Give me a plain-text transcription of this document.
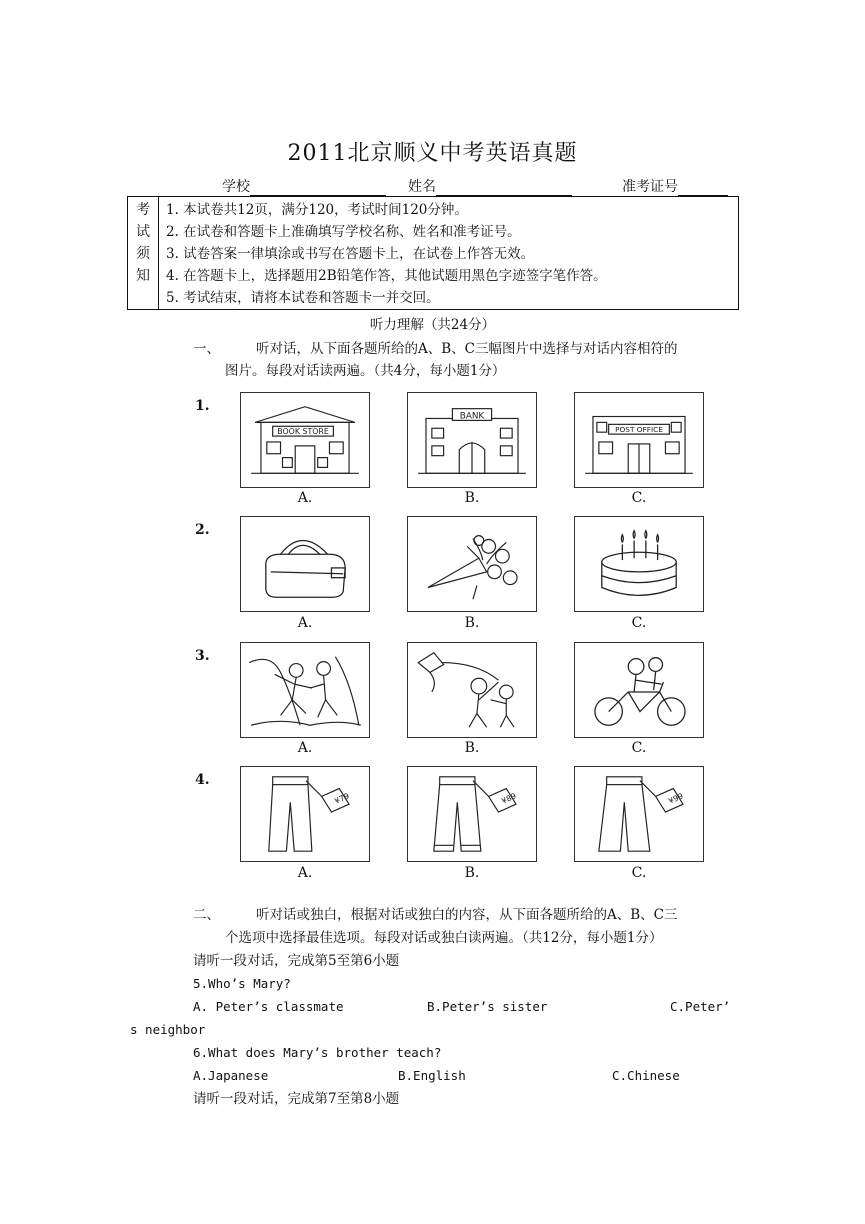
2011北京顺义中考英语真题
学校	姓名	准考证号
考
试
须
知
1. 本试卷共12页，满分120，考试时间120分钟。
2. 在试卷和答题卡上准确填写学校名称、姓名和准考证号。
3. 试卷答案一律填涂或书写在答题卡上，在试卷上作答无效。
4. 在答题卡上，选择题用2B铅笔作答，其他试题用黑色字迹签字笔作答。
5. 考试结束，请将本试卷和答题卡一并交回。
听力理解（共24分）
一、	听对话，从下面各题所给的A、B、C三幅图片中选择与对话内容相符的
图片。每段对话读两遍。（共4分，每小题1分）
1.
2.
3.
4.
BOOK STORE
BANK
POST OFFICE
A.	B.	C.
A.	B.	C.
A.	B.	C.
¥79	¥89	¥99
A.	B.	C.
二、	听对话或独白，根据对话或独白的内容，从下面各题所给的A、B、C三
个选项中选择最佳选项。每段对话或独白读两遍。（共12分，每小题1分）
请听一段对话，完成第5至第6小题
5.Who’s Mary?
A. Peter’s classmate	B.Peter’s sister	C.Peter’
s neighbor
6.What does Mary’s brother teach?
A.Japanese	B.English	C.Chinese
请听一段对话，完成第7至第8小题
